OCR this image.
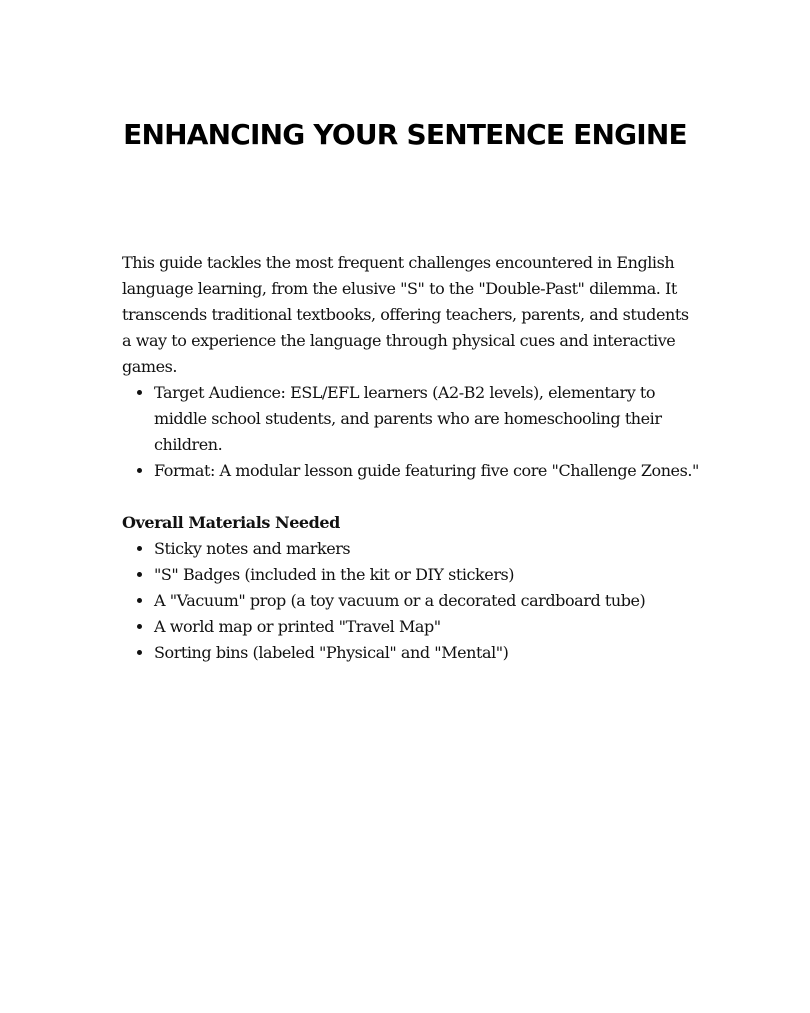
ENHANCING YOUR SENTENCE ENGINE

This guide tackles the most frequent challenges encountered in English language learning, from the elusive "S" to the "Double-Past" dilemma. It transcends traditional textbooks, offering teachers, parents, and students a way to experience the language through physical cues and interactive games.

• Target Audience: ESL/EFL learners (A2-B2 levels), elementary to middle school students, and parents who are homeschooling their children.
• Format: A modular lesson guide featuring five core "Challenge Zones."

Overall Materials Needed

• Sticky notes and markers
• "S" Badges (included in the kit or DIY stickers)
• A "Vacuum" prop (a toy vacuum or a decorated cardboard tube)
• A world map or printed "Travel Map"
• Sorting bins (labeled "Physical" and "Mental")
